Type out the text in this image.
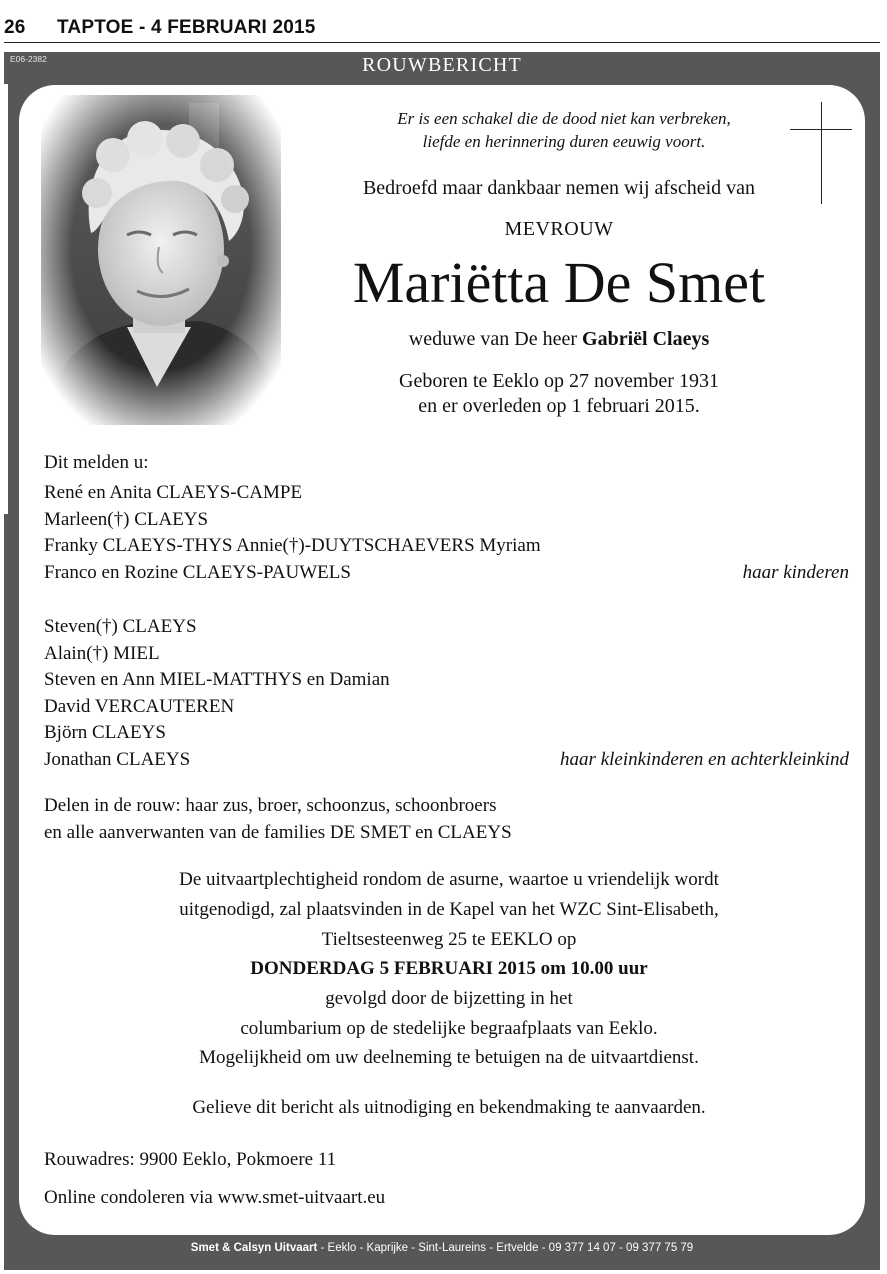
26 TAPTOE - 4 FEBRUARI 2015
E06-2382	ROUWBERICHT
Er is een schakel die de dood niet kan verbreken,
liefde en herinnering duren eeuwig voort.
Bedroefd maar dankbaar nemen wij afscheid van
MEVROUW
Mariëtta De Smet
weduwe van De heer Gabriël Claeys
Geboren te Eeklo op 27 november 1931
en er overleden op 1 februari 2015.
Dit melden u:
René en Anita CLAEYS-CAMPE
Marleen(†) CLAEYS
Franky CLAEYS-THYS Annie(†)-DUYTSCHAEVERS Myriam
Franco en Rozine CLAEYS-PAUWELS	haar kinderen
Steven(†) CLAEYS
Alain(†) MIEL
Steven en Ann MIEL-MATTHYS en Damian
David VERCAUTEREN
Björn CLAEYS
Jonathan CLAEYS	haar kleinkinderen en achterkleinkind
Delen in de rouw: haar zus, broer, schoonzus, schoonbroers
en alle aanverwanten van de families DE SMET en CLAEYS
De uitvaartplechtigheid rondom de asurne, waartoe u vriendelijk wordt
uitgenodigd, zal plaatsvinden in de Kapel van het WZC Sint-Elisabeth,
Tieltsesteenweg 25 te EEKLO op
DONDERDAG 5 FEBRUARI 2015 om 10.00 uur
gevolgd door de bijzetting in het
columbarium op de stedelijke begraafplaats van Eeklo.
Mogelijkheid om uw deelneming te betuigen na de uitvaartdienst.
Gelieve dit bericht als uitnodiging en bekendmaking te aanvaarden.
Rouwadres: 9900 Eeklo, Pokmoere 11
Online condoleren via www.smet-uitvaart.eu
Smet & Calsyn Uitvaart - Eeklo - Kaprijke - Sint-Laureins - Ertvelde - 09 377 14 07 - 09 377 75 79
